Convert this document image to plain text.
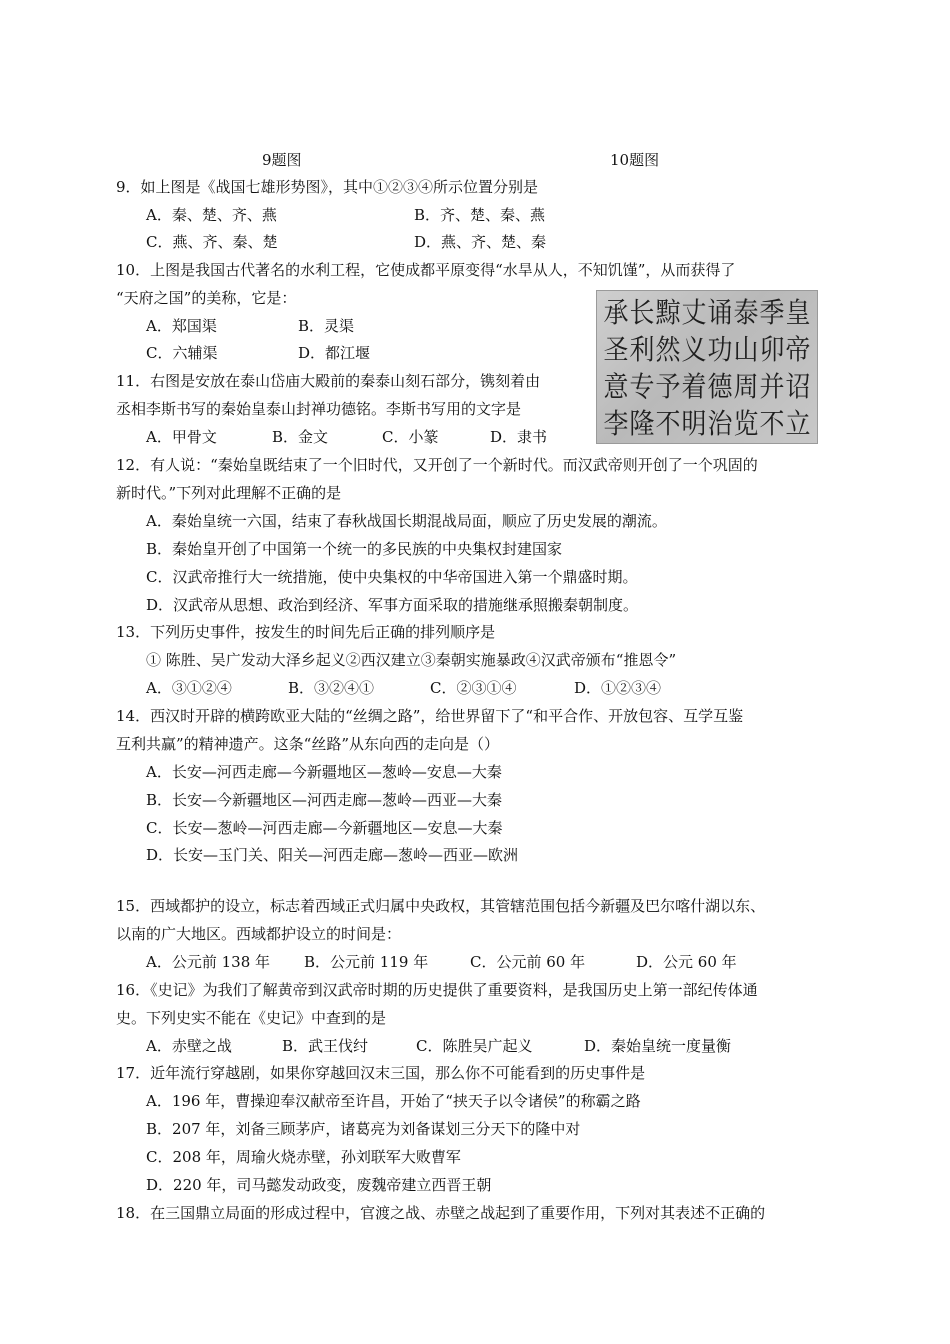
9题图	10题图
9．如上图是《战国七雄形势图》，其中①②③④所示位置分别是
A．秦、楚、齐、燕	B．齐、楚、秦、燕
C．燕、齐、秦、楚	D．燕、齐、楚、秦
10．上图是我国古代著名的水利工程，它使成都平原变得“水旱从人，不知饥馑”，从而获得了
“天府之国”的美称，它是：
A．郑国渠	B．灵渠
C．六辅渠	D．都江堰
承 长 黥 丈 诵 泰 季 皇
圣 利 然 义 功 山 卯 帝
意 专 予 着 德 周 并 诏
李 隆 不 明 治 览 不 立
11．右图是安放在泰山岱庙大殿前的秦泰山刻石部分，镌刻着由
丞相李斯书写的秦始皇泰山封禅功德铭。李斯书写用的文字是
A．甲骨文	B．金文	C．小篆	D．隶书
12．有人说：“秦始皇既结束了一个旧时代，又开创了一个新时代。而汉武帝则开创了一个巩固的
新时代。”下列对此理解不正确的是
A．秦始皇统一六国，结束了春秋战国长期混战局面，顺应了历史发展的潮流。
B．秦始皇开创了中国第一个统一的多民族的中央集权封建国家
C．汉武帝推行大一统措施，使中央集权的中华帝国进入第一个鼎盛时期。
D．汉武帝从思想、政治到经济、军事方面采取的措施继承照搬秦朝制度。
13．下列历史事件，按发生的时间先后正确的排列顺序是
① 陈胜、吴广发动大泽乡起义②西汉建立③秦朝实施暴政④汉武帝颁布“推恩令”
A．③①②④	B．③②④①	C．②③①④	D．①②③④
14．西汉时开辟的横跨欧亚大陆的“丝绸之路”，给世界留下了“和平合作、开放包容、互学互鉴
互利共赢”的精神遗产。这条“丝路”从东向西的走向是（）
A．长安—河西走廊—今新疆地区—葱岭—安息—大秦
B．长安—今新疆地区—河西走廊—葱岭—西亚—大秦
C．长安—葱岭—河西走廊—今新疆地区—安息—大秦
D．长安—玉门关、阳关—河西走廊—葱岭—西亚—欧洲
15．西域都护的设立，标志着西域正式归属中央政权，其管辖范围包括今新疆及巴尔喀什湖以东、
以南的广大地区。西域都护设立的时间是：
A．公元前 138 年 B．公元前 119 年	C．公元前 60 年	D．公元 60 年
16．《史记》为我们了解黄帝到汉武帝时期的历史提供了重要资料，是我国历史上第一部纪传体通
史。下列史实不能在《史记》中查到的是
A．赤壁之战	B．武王伐纣	C．陈胜吴广起义	D．秦始皇统一度量衡
17．近年流行穿越剧，如果你穿越回汉末三国，那么你不可能看到的历史事件是
A．196 年，曹操迎奉汉献帝至许昌，开始了“挟天子以令诸侯”的称霸之路
B．207 年，刘备三顾茅庐，诸葛亮为刘备谋划三分天下的隆中对
C．208 年，周瑜火烧赤壁，孙刘联军大败曹军
D．220 年，司马懿发动政变，废魏帝建立西晋王朝
18．在三国鼎立局面的形成过程中，官渡之战、赤壁之战起到了重要作用，下列对其表述不正确的
